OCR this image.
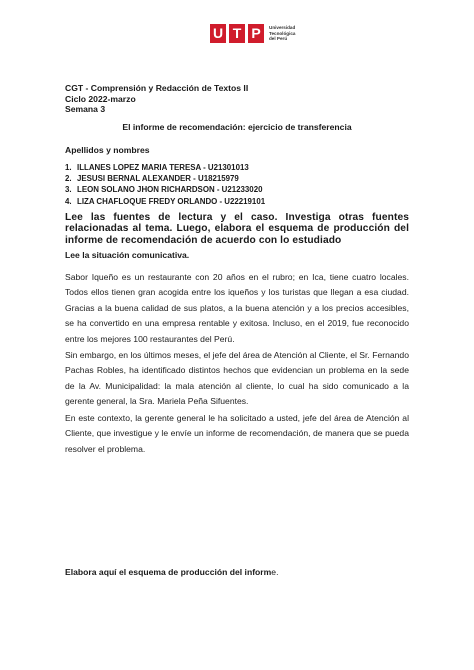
U T P	Universidad
Tecnológica
del Perú
CGT - Comprensión y Redacción de Textos II
Ciclo 2022-marzo
Semana 3
El informe de recomendación: ejercicio de transferencia
Apellidos y nombres
1. ILLANES LOPEZ MARIA TERESA - U21301013
2. JESUSI BERNAL ALEXANDER - U18215979
3. LEON SOLANO JHON RICHARDSON - U21233020
4. LIZA CHAFLOQUE FREDY ORLANDO - U22219101
Lee las fuentes de lectura y el caso. Investiga otras fuentes relacionadas al tema. Luego, elabora el esquema de producción del informe de recomendación de acuerdo con lo estudiado
Lee la situación comunicativa.
Sabor Iqueño es un restaurante con 20 años en el rubro; en Ica, tiene cuatro locales. Todos ellos tienen gran acogida entre los iqueños y los turistas que llegan a esa ciudad. Gracias a la buena calidad de sus platos, a la buena atención y a los precios accesibles, se ha convertido en una empresa rentable y exitosa. Incluso, en el 2019, fue reconocido entre los mejores 100 restaurantes del Perú.
Sin embargo, en los últimos meses, el jefe del área de Atención al Cliente, el Sr. Fernando Pachas Robles, ha identificado distintos hechos que evidencian un problema en la sede de la Av. Municipalidad: la mala atención al cliente, lo cual ha sido comunicado a la gerente general, la Sra. Mariela Peña Sifuentes.
En este contexto, la gerente general le ha solicitado a usted, jefe del área de Atención al Cliente, que investigue y le envíe un informe de recomendación, de manera que se pueda resolver el problema.
Elabora aquí el esquema de producción del informe.
